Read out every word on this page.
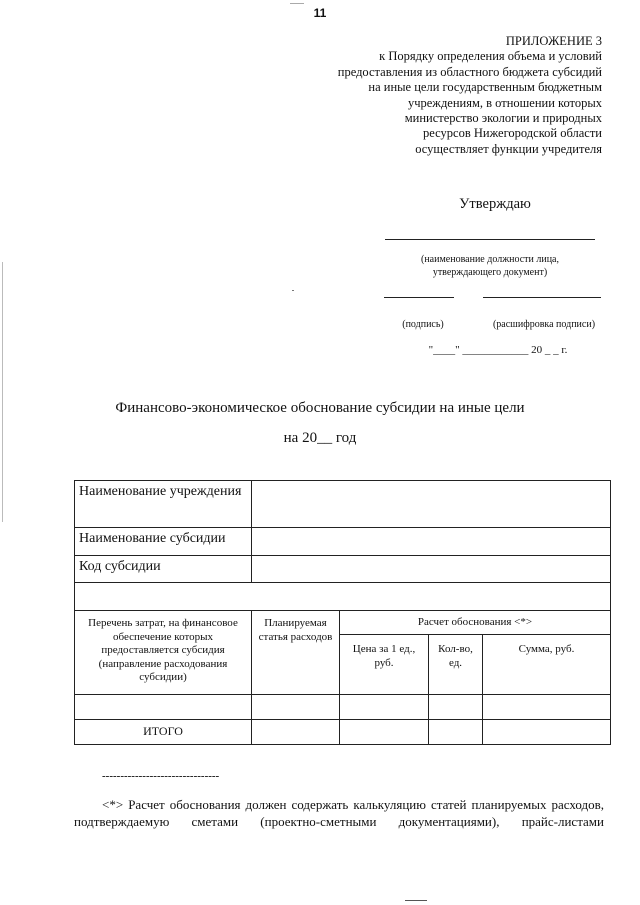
11
ПРИЛОЖЕНИЕ 3
к Порядку определения объема и условий
предоставления из областного бюджета субсидий
на иные цели государственным бюджетным
учреждениям, в отношении которых
министерство экологии и природных
ресурсов Нижегородской области
осуществляет функции учредителя
Утверждаю
(наименование должности лица,
утверждающего документ)
(подпись)	(расшифровка подписи)
"____" ____________ 20 _ _ г.
Финансово-экономическое обоснование субсидии на иные цели
на 20__ год
Наименование учреждения				
Наименование субсидии				
Код субсидии				

Перечень затрат, на финансовое обеспечение которых предоставляется субсидия (направление расходования субсидии)	Планируемая статья расходов	Расчет обоснования <*>		
		Цена за 1 ед., руб.	Кол-во, ед.	Сумма, руб.

ИТОГО				
--------------------------------
<*> Расчет обоснования должен содержать калькуляцию статей планируемых расходов, подтверждаемую сметами (проектно-сметными документациями), прайс-листами
